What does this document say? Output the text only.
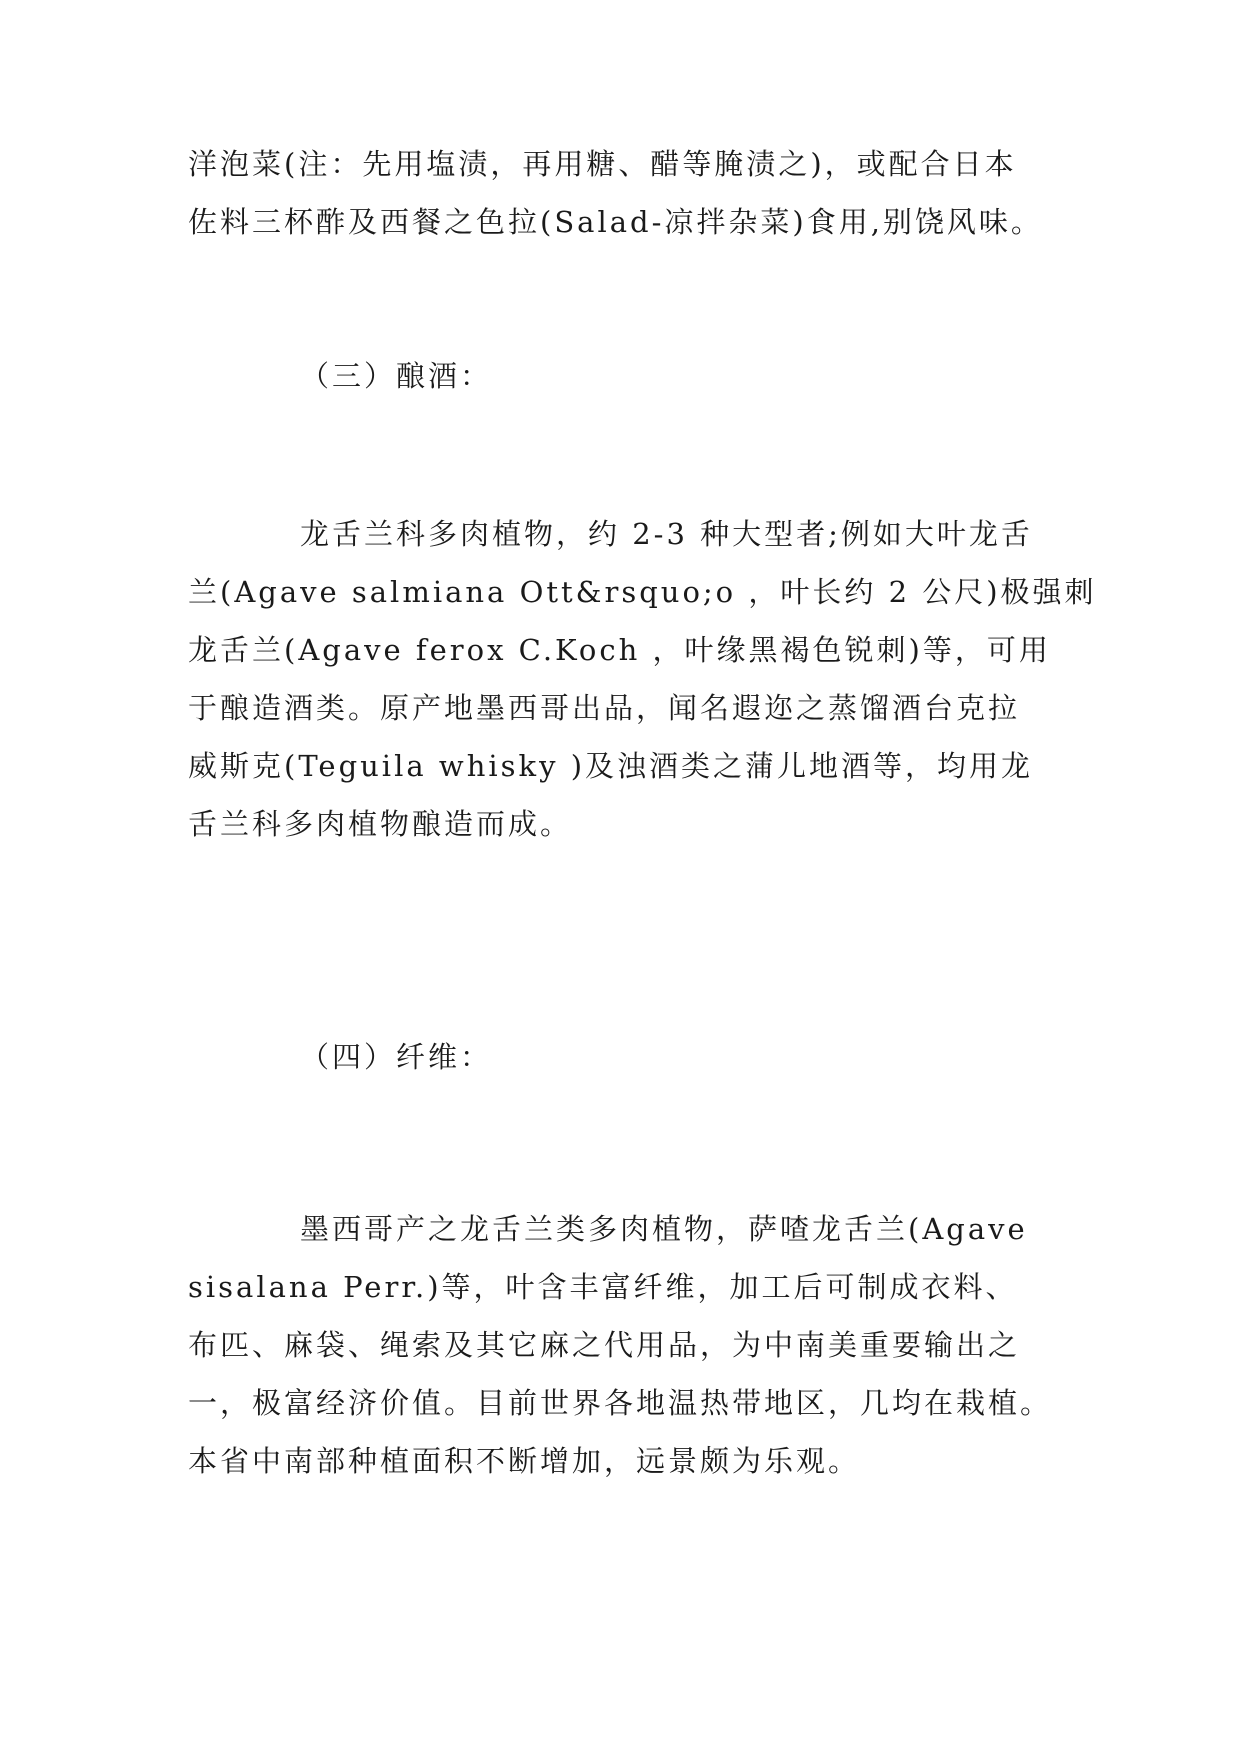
洋泡菜(注：先用塩渍，再用糖、醋等腌渍之)，或配合日本
佐料三杯酢及西餐之色拉(Salad-凉拌杂菜)食用,别饶风味。
（三）酿酒：
龙舌兰科多肉植物，约 2-3 种大型者;例如大叶龙舌
兰(Agave salmiana Ott&rsquo;o ，叶长约 2 公尺)极强刺
龙舌兰(Agave ferox C.Koch ，叶缘黑褐色锐刺)等，可用
于酿造酒类。原产地墨西哥出品，闻名遐迩之蒸馏酒台克拉
威斯克(Teguila whisky )及浊酒类之蒲儿地酒等，均用龙
舌兰科多肉植物酿造而成。
（四）纤维：
墨西哥产之龙舌兰类多肉植物，萨喳龙舌兰(Agave
sisalana Perr.)等，叶含丰富纤维，加工后可制成衣料、
布匹、麻袋、绳索及其它麻之代用品，为中南美重要输出之
一，极富经济价值。目前世界各地温热带地区，几均在栽植。
本省中南部种植面积不断增加，远景颇为乐观。
